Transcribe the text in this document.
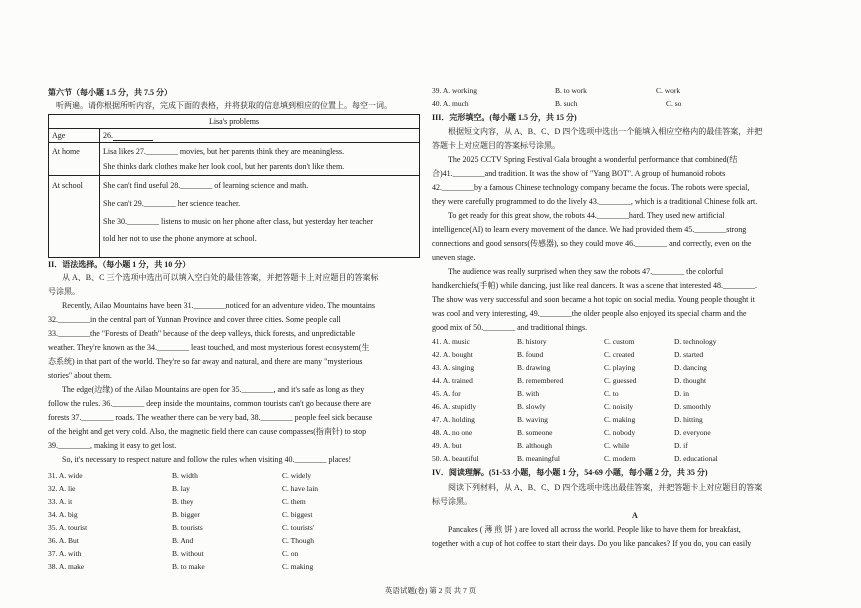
第六节（每小题 1.5 分，共 7.5 分）
听两遍。请你根据所听内容，完成下面的表格，并将获取的信息填到相应的位置上。每空一词。
Lisa's problems
Age	26.
At home	Lisa likes 27.________ movies, but her parents think they are meaningless.
She thinks dark clothes make her look cool, but her parents don't like them.
At school	She can't find useful 28.________ of learning science and math.
She can't 29.________ her science teacher.
She 30.________ listens to music on her phone after class, but yesterday her teacher
told her not to use the phone anymore at school.
II．语法选择。（每小题 1 分，共 10 分）
从 A、B、C 三个选项中选出可以填入空白处的最佳答案，并把答题卡上对应题目的答案标
号涂黑。
Recently, Ailao Mountains have been 31.________noticed for an adventure video. The mountains
32.________in the central part of Yunnan Province and cover three cities. Some people call
33.________the "Forests of Death" because of the deep valleys, thick forests, and unpredictable
weather. They're known as the 34.________ least touched, and most mysterious forest ecosystem(生
态系统) in that part of the world. They're so far away and natural, and there are many "mysterious
stories" about them.
The edge(边缘) of the Ailao Mountains are open for 35.________, and it's safe as long as they
follow the rules. 36.________ deep inside the mountains, common tourists can't go because there are
forests 37.________ roads. The weather there can be very bad, 38.________ people feel sick because
of the height and get very cold. Also, the magnetic field there can cause compasses(指南针) to stop
39.________, making it easy to get lost.
So, it's necessary to respect nature and follow the rules when visiting 40.________ places!
31. A. wide	B. width	C. widely
32. A. lie	B. lay	C. have lain
33. A. it	B. they	C. them
34. A. big	B. bigger	C. biggest
35. A. tourist	B. tourists	C. tourists'
36. A. But	B. And	C. Though
37. A. with	B. without	C. on
38. A. make	B. to make	C. making
39. A. working	B. to work	C. work
40. A. much	B. such	C. so
III．完形填空。(每小题 1.5 分，共 15 分)
根据短文内容，从 A、B、C、D 四个选项中选出一个能填入相应空格内的最佳答案，并把
答题卡上对应题目的答案标号涂黑。
The 2025 CCTV Spring Festival Gala brought a wonderful performance that combined(结
合)41.________and tradition. It was the show of "Yang BOT". A group of humanoid robots
42.________by a famous Chinese technology company became the focus. The robots were special,
they were carefully programmed to do the lively 43.________, which is a traditional Chinese folk art.
To get ready for this great show, the robots 44.________hard. They used new artificial
intelligence(AI) to learn every movement of the dance. We had provided them 45.________strong
connections and good sensors(传感器), so they could move 46.________ and correctly, even on the
uneven stage.
The audience was really surprised when they saw the robots 47.________ the colorful
handkerchiefs(手帕) while dancing, just like real dancers. It was a scene that interested 48.________.
The show was very successful and soon became a hot topic on social media. Young people thought it
was cool and very interesting, 49.________the older people also enjoyed its special charm and the
good mix of 50.________ and traditional things.
41. A. music	B. history	C. custom	D. technology
42. A. bought	B. found	C. created	D. started
43. A. singing	B. drawing	C. playing	D. dancing
44. A. trained	B. remembered	C. guessed	D. thought
45. A. for	B. with	C. to	D. in
46. A. stupidly	B. slowly	C. noisily	D. smoothly
47. A. holding	B. waving	C. making	D. hitting
48. A. no one	B. someone	C. nobody	D. everyone
49. A. but	B. although	C. while	D. if
50. A. beautiful	B. meaningful	C. modern	D. educational
IV．阅读理解。(51-53 小题，每小题 1 分，54-69 小题，每小题 2 分，共 35 分)
阅读下列材料，从 A、B、C、D 四个选项中选出最佳答案，并把答题卡上对应题目的答案
标号涂黑。
A
Pancakes ( 薄 煎 饼 ) are loved all across the world. People like to have them for breakfast,
together with a cup of hot coffee to start their days. Do you like pancakes? If you do, you can easily
英语试题(卷) 第 2 页 共 7 页
